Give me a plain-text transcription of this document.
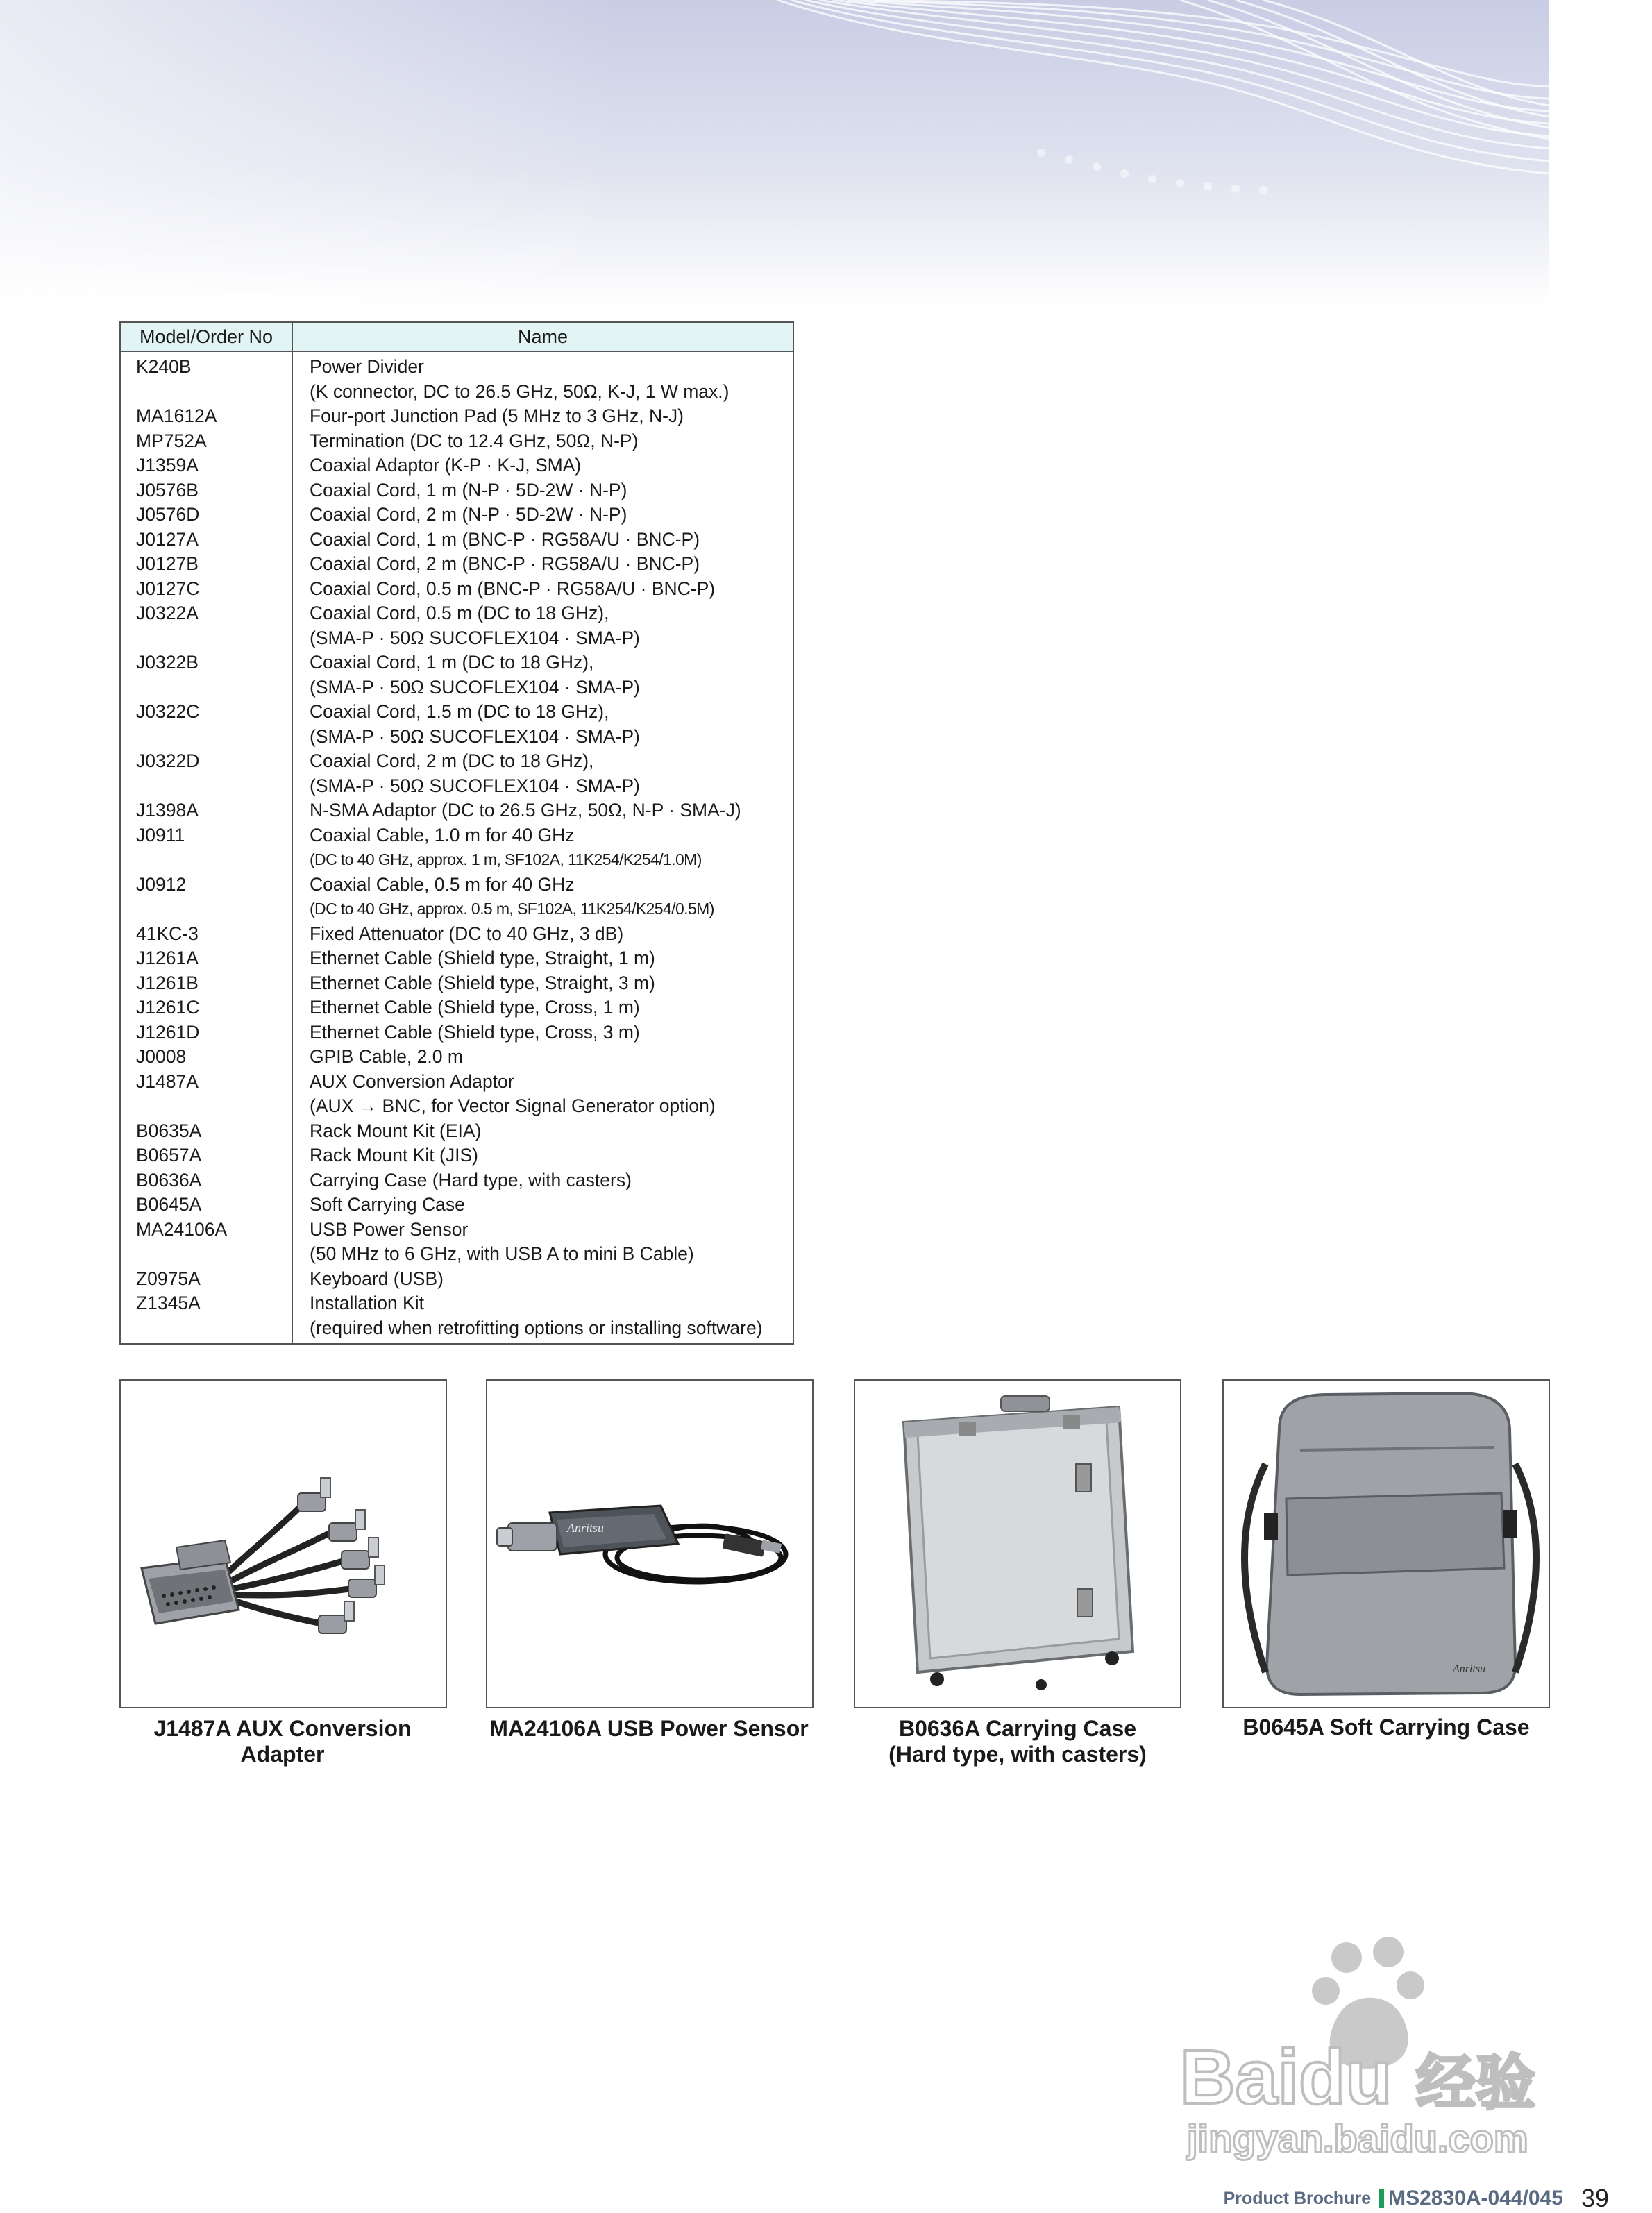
Model/Order No	Name
K240B	Power Divider
(K connector, DC to 26.5 GHz, 50Ω, K-J, 1 W max.)

MA1612A	Four-port Junction Pad (5 MHz to 3 GHz, N-J)

MP752A	Termination (DC to 12.4 GHz, 50Ω, N-P)

J1359A	Coaxial Adaptor (K-P · K-J, SMA)

J0576B	Coaxial Cord, 1 m (N-P · 5D-2W · N-P)

J0576D	Coaxial Cord, 2 m (N-P · 5D-2W · N-P)

J0127A	Coaxial Cord, 1 m (BNC-P · RG58A/U · BNC-P)

J0127B	Coaxial Cord, 2 m (BNC-P · RG58A/U · BNC-P)

J0127C	Coaxial Cord, 0.5 m (BNC-P · RG58A/U · BNC-P)

J0322A	Coaxial Cord, 0.5 m (DC to 18 GHz),
(SMA-P · 50Ω SUCOFLEX104 · SMA-P)

J0322B	Coaxial Cord, 1 m (DC to 18 GHz),
(SMA-P · 50Ω SUCOFLEX104 · SMA-P)

J0322C	Coaxial Cord, 1.5 m (DC to 18 GHz),
(SMA-P · 50Ω SUCOFLEX104 · SMA-P)

J0322D	Coaxial Cord, 2 m (DC to 18 GHz),
(SMA-P · 50Ω SUCOFLEX104 · SMA-P)

J1398A	N-SMA Adaptor (DC to 26.5 GHz, 50Ω, N-P · SMA-J)

J0911	Coaxial Cable, 1.0 m for 40 GHz
(DC to 40 GHz, approx. 1 m, SF102A, 11K254/K254/1.0M)

J0912	Coaxial Cable, 0.5 m for 40 GHz
(DC to 40 GHz, approx. 0.5 m, SF102A, 11K254/K254/0.5M)

41KC-3	Fixed Attenuator (DC to 40 GHz, 3 dB)

J1261A	Ethernet Cable (Shield type, Straight, 1 m)

J1261B	Ethernet Cable (Shield type, Straight, 3 m)

J1261C	Ethernet Cable (Shield type, Cross, 1 m)

J1261D	Ethernet Cable (Shield type, Cross, 3 m)

J0008	GPIB Cable, 2.0 m

J1487A	AUX Conversion Adaptor
(AUX → BNC, for Vector Signal Generator option)

B0635A	Rack Mount Kit (EIA)

B0657A	Rack Mount Kit (JIS)

B0636A	Carrying Case (Hard type, with casters)

B0645A	Soft Carrying Case

MA24106A	USB Power Sensor
(50 MHz to 6 GHz, with USB A to mini B Cable)

Z0975A	Keyboard (USB)

Z1345A	Installation Kit
(required when retrofitting options or installing software)
J1487A AUX Conversion Adapter
Anritsu
MA24106A USB Power Sensor	B0636A Carrying Case
(Hard type, with casters)
Anritsu
B0645A Soft Carrying Case
Baidu 经验
jingyan.baidu.com
Product Brochure MS2830A-044/045 39
